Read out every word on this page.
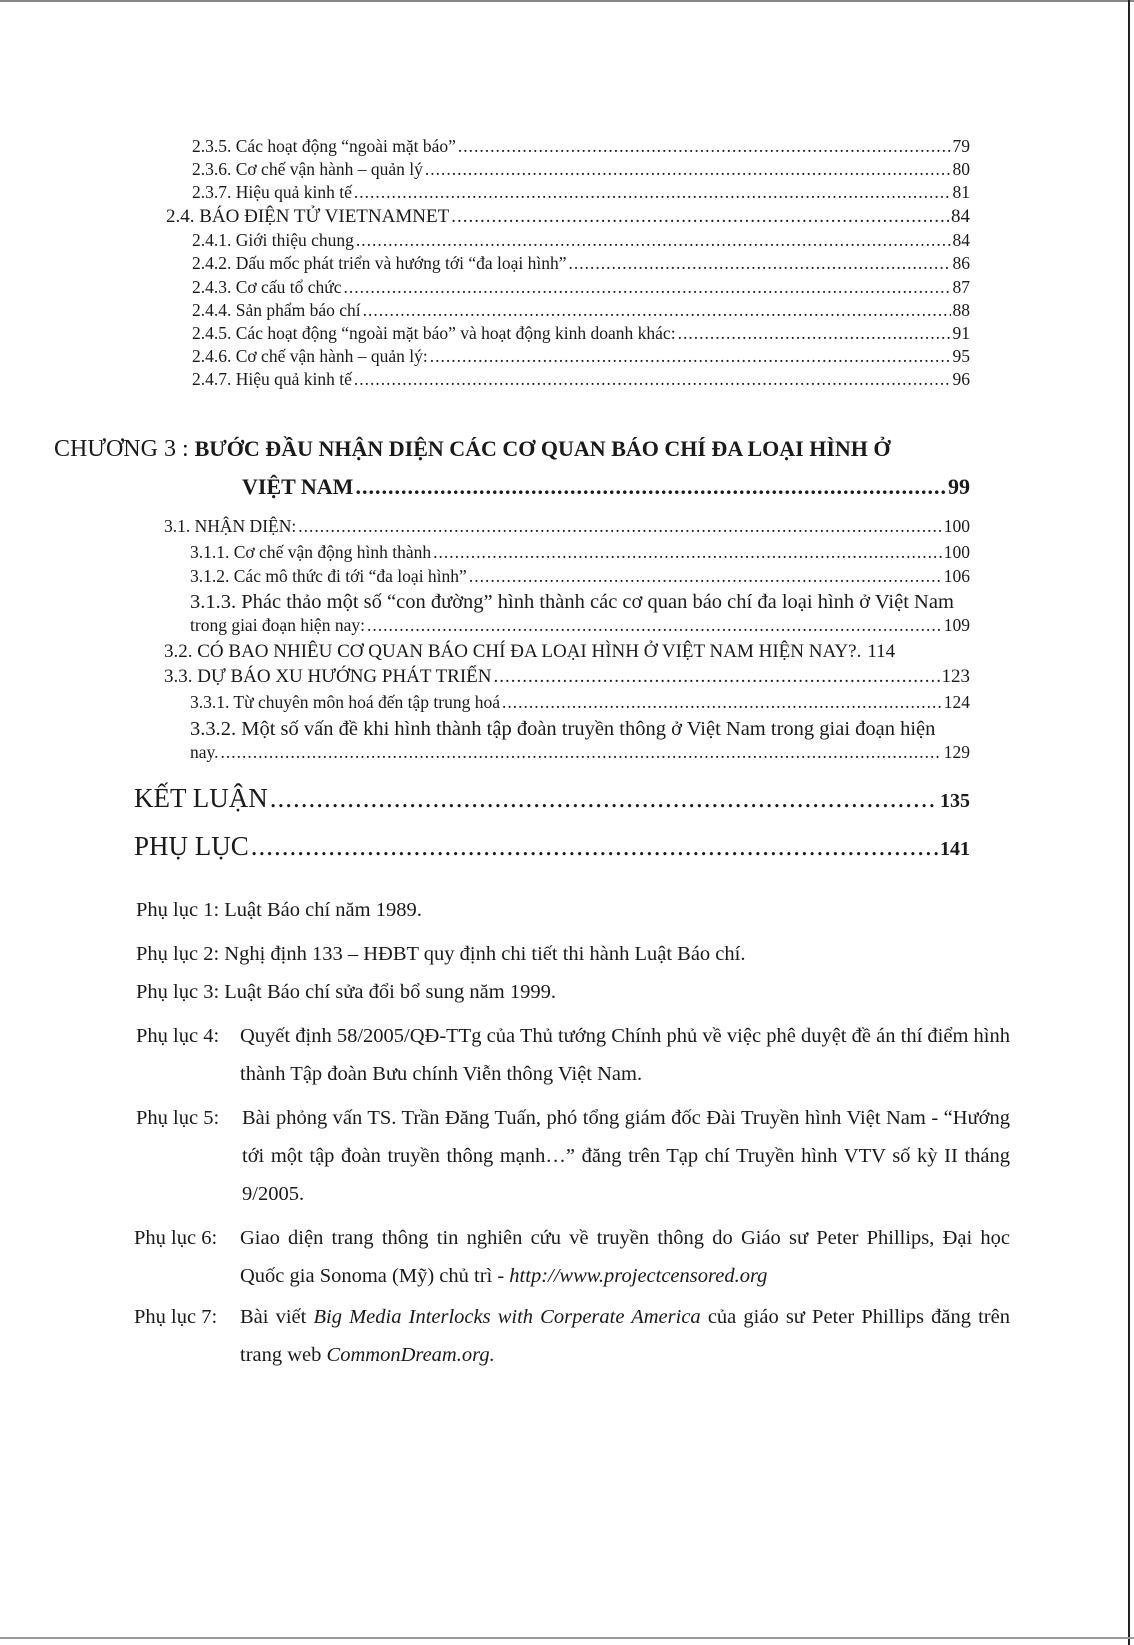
2.3.5. Các hoạt động “ngoài mặt báo” .....	79
2.3.6. Cơ chế vận hành – quản lý .....	80
2.3.7. Hiệu quả kinh tế .....	81
2.4. BÁO ĐIỆN TỬ VIETNAMNET .....	84
2.4.1. Giới thiệu chung .....	84
2.4.2. Dấu mốc phát triển và hướng tới “đa loại hình” .....	86
2.4.3. Cơ cấu tổ chức .....	87
2.4.4. Sản phẩm báo chí .....	88
2.4.5. Các hoạt động “ngoài mặt báo” và hoạt động kinh doanh khác: .....	91
2.4.6. Cơ chế vận hành – quản lý: .....	95
2.4.7. Hiệu quả kinh tế .....	96
CHƯƠNG 3 : BƯỚC ĐẦU NHẬN DIỆN CÁC CƠ QUAN BÁO CHÍ ĐA LOẠI HÌNH Ở
VIỆT NAM .....	99
3.1. NHẬN DIỆN: .....	100
3.1.1. Cơ chế vận động hình thành .....	100
3.1.2. Các mô thức đi tới “đa loại hình” .....	106
3.1.3. Phác thảo một số “con đường” hình thành các cơ quan báo chí đa loại hình ở Việt Nam
trong giai đoạn hiện nay: .....	109
3.2. CÓ BAO NHIÊU CƠ QUAN BÁO CHÍ ĐA LOẠI HÌNH Ở VIỆT NAM HIỆN NAY?. 114
3.3. DỰ BÁO XU HƯỚNG PHÁT TRIỂN .....	123
3.3.1. Từ chuyên môn hoá đến tập trung hoá .....	124
3.3.2. Một số vấn đề khi hình thành tập đoàn truyền thông ở Việt Nam trong giai đoạn hiện
nay. .....	129
KẾT LUẬN .....	135
PHỤ LỤC .....	141
Phụ lục 1: Luật Báo chí năm 1989.
Phụ lục 2: Nghị định 133 – HĐBT quy định chi tiết thi hành Luật Báo chí.
Phụ lục 3: Luật Báo chí sửa đổi bổ sung năm 1999.
Phụ lục 4: Quyết định 58/2005/QĐ-TTg của Thủ tướng Chính phủ về việc phê duyệt đề án thí điểm hình thành Tập đoàn Bưu chính Viễn thông Việt Nam.
Phụ lục 5: Bài phỏng vấn TS. Trần Đăng Tuấn, phó tổng giám đốc Đài Truyền hình Việt Nam - “Hướng tới một tập đoàn truyền thông mạnh…” đăng trên Tạp chí Truyền hình VTV số kỳ II tháng 9/2005.
Phụ lục 6: Giao diện trang thông tin nghiên cứu về truyền thông do Giáo sư Peter Phillips, Đại học Quốc gia Sonoma (Mỹ) chủ trì - http://www.projectcensored.org
Phụ lục 7: Bài viết Big Media Interlocks with Corperate America của giáo sư Peter Phillips đăng trên trang web CommonDream.org.
